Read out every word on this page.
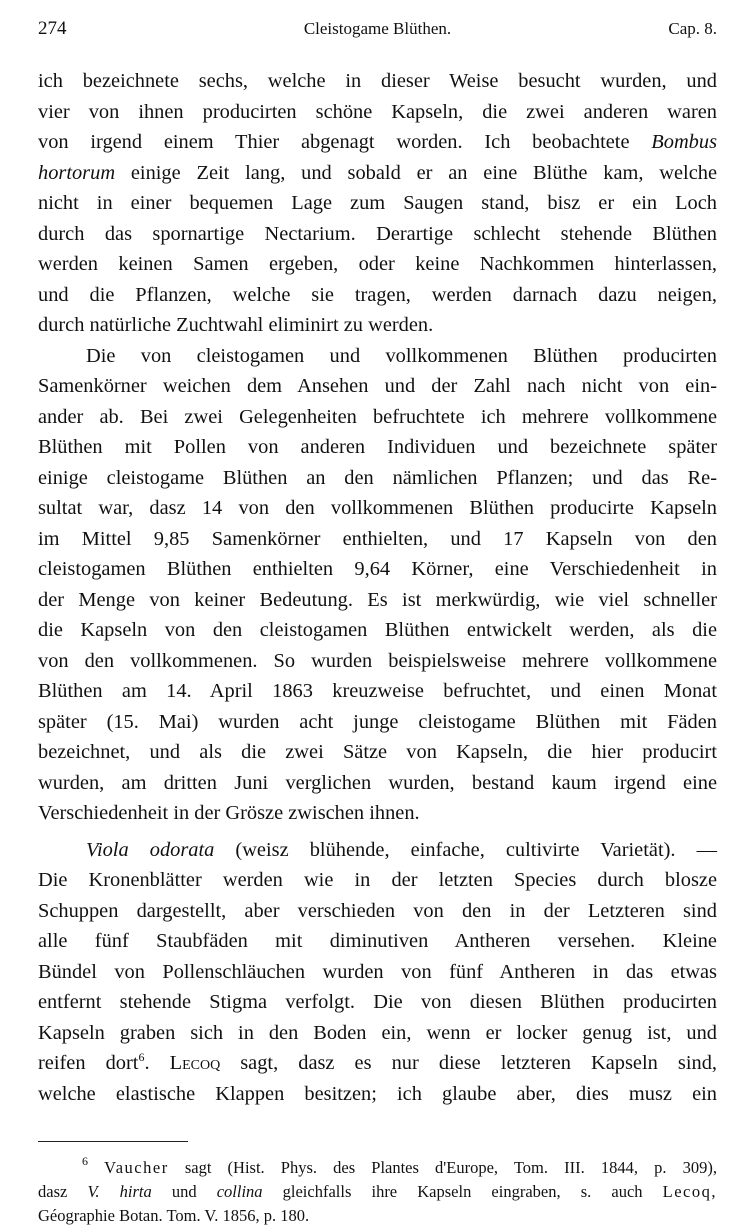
274	Cleistogame Blüthen.	Cap. 8.
ich bezeichnete sechs, welche in dieser Weise besucht wurden, und
vier von ihnen producirten schöne Kapseln, die zwei anderen waren
von irgend einem Thier abgenagt worden. Ich beobachtete Bombus
hortorum einige Zeit lang, und sobald er an eine Blüthe kam, welche
nicht in einer bequemen Lage zum Saugen stand, bisz er ein Loch
durch das spornartige Nectarium. Derartige schlecht stehende Blüthen
werden keinen Samen ergeben, oder keine Nachkommen hinterlassen,
und die Pflanzen, welche sie tragen, werden darnach dazu neigen,
durch natürliche Zuchtwahl eliminirt zu werden.
Die von cleistogamen und vollkommenen Blüthen producirten
Samenkörner weichen dem Ansehen und der Zahl nach nicht von ein-
ander ab. Bei zwei Gelegenheiten befruchtete ich mehrere vollkommene
Blüthen mit Pollen von anderen Individuen und bezeichnete später
einige cleistogame Blüthen an den nämlichen Pflanzen; und das Re-
sultat war, dasz 14 von den vollkommenen Blüthen producirte Kapseln
im Mittel 9,85 Samenkörner enthielten, und 17 Kapseln von den
cleistogamen Blüthen enthielten 9,64 Körner, eine Verschiedenheit in
der Menge von keiner Bedeutung. Es ist merkwürdig, wie viel schneller
die Kapseln von den cleistogamen Blüthen entwickelt werden, als die
von den vollkommenen. So wurden beispielsweise mehrere vollkommene
Blüthen am 14. April 1863 kreuzweise befruchtet, und einen Monat
später (15. Mai) wurden acht junge cleistogame Blüthen mit Fäden
bezeichnet, und als die zwei Sätze von Kapseln, die hier producirt
wurden, am dritten Juni verglichen wurden, bestand kaum irgend eine
Verschiedenheit in der Grösze zwischen ihnen.
Viola odorata (weisz blühende, einfache, cultivirte Varietät). —
Die Kronenblätter werden wie in der letzten Species durch blosze
Schuppen dargestellt, aber verschieden von den in der Letzteren sind
alle fünf Staubfäden mit diminutiven Antheren versehen. Kleine
Bündel von Pollenschläuchen wurden von fünf Antheren in das etwas
entfernt stehende Stigma verfolgt. Die von diesen Blüthen producirten
Kapseln graben sich in den Boden ein, wenn er locker genug ist, und
reifen dort$^6$. Lecoq sagt, dasz es nur diese letzteren Kapseln sind,
welche elastische Klappen besitzen; ich glaube aber, dies musz ein
$^6$ Vaucher sagt (Hist. Phys. des Plantes d'Europe, Tom. III. 1844, p. 309),
dasz V. hirta und collina gleichfalls ihre Kapseln eingraben, s. auch Lecoq,
Géographie Botan. Tom. V. 1856, p. 180.
